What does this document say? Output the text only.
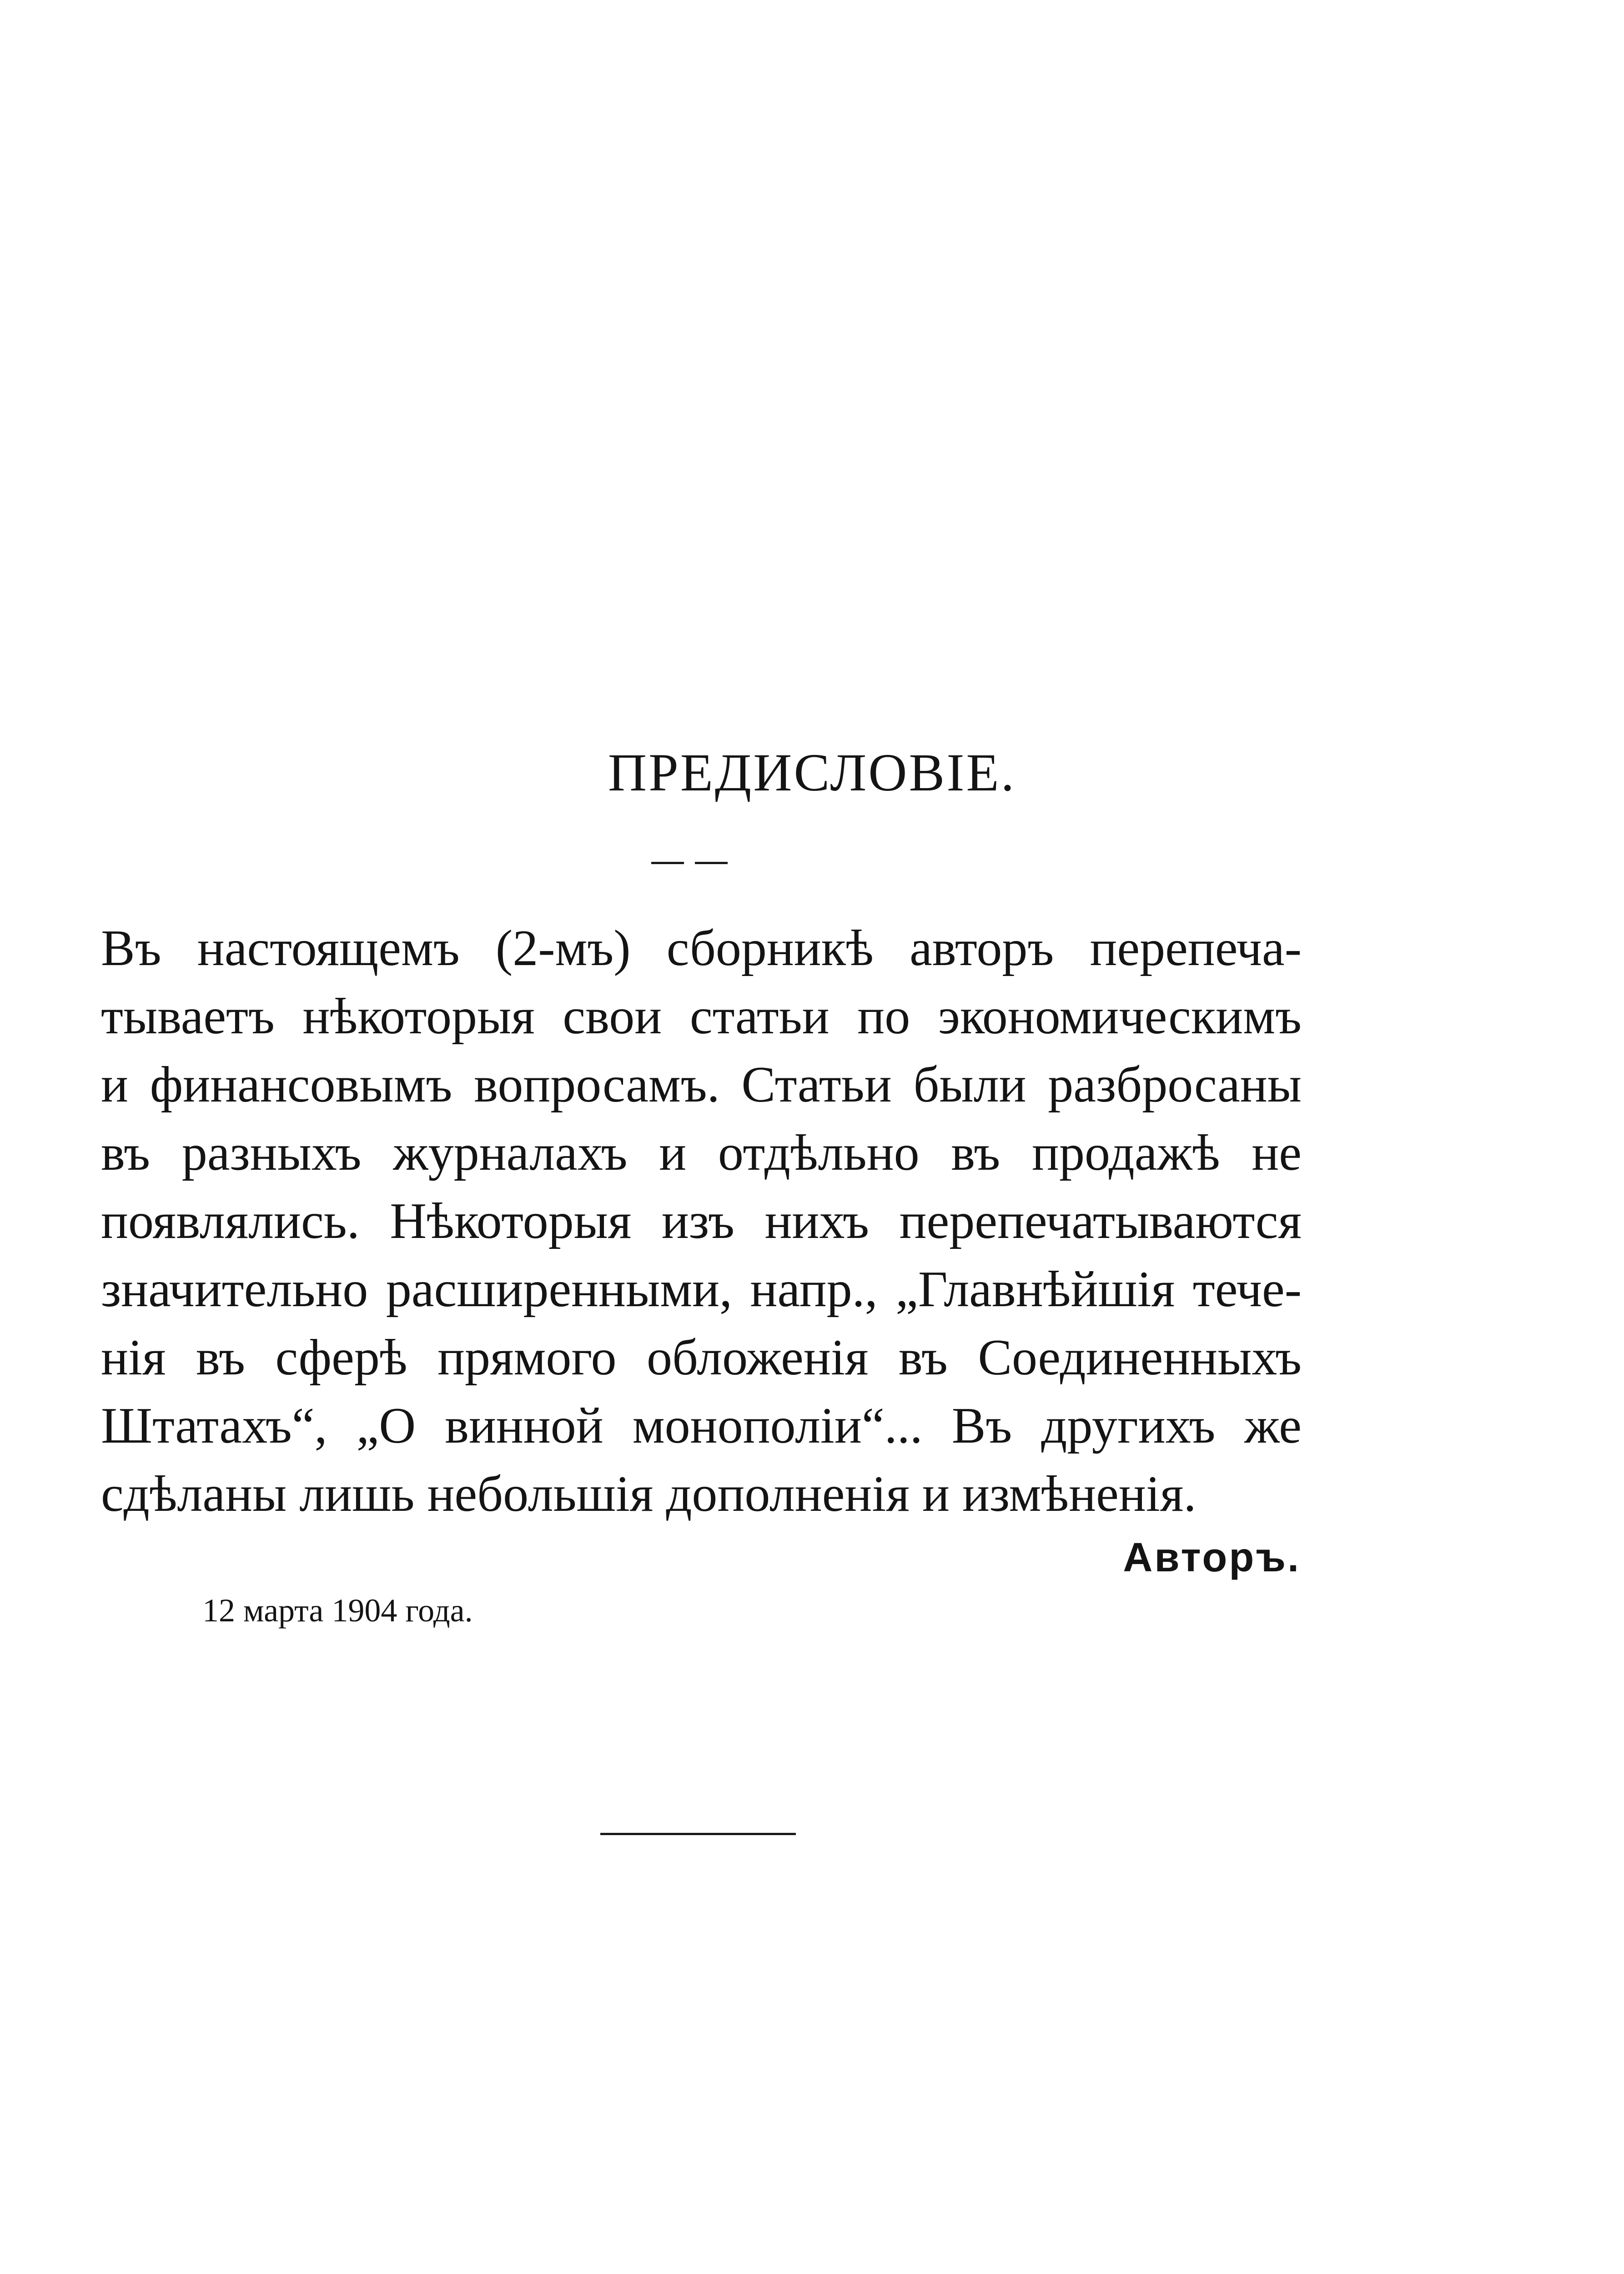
ПРЕДИСЛОВІЕ.

Въ настоящемъ (2-мъ) сборникѣ авторъ перепеча-
тываетъ нѣкоторыя свои статьи по экономическимъ
и финансовымъ вопросамъ. Статьи были разбросаны
въ разныхъ журналахъ и отдѣльно въ продажѣ не
появлялись. Нѣкоторыя изъ нихъ перепечатываются
значительно расширенными, напр., „Главнѣйшія тече-
нія въ сферѣ прямого обложенія въ Соединенныхъ
Штатахъ“, „О винной монополіи“... Въ другихъ же
сдѣланы лишь небольшія дополненія и измѣненія.

Авторъ.

12 марта 1904 года.
